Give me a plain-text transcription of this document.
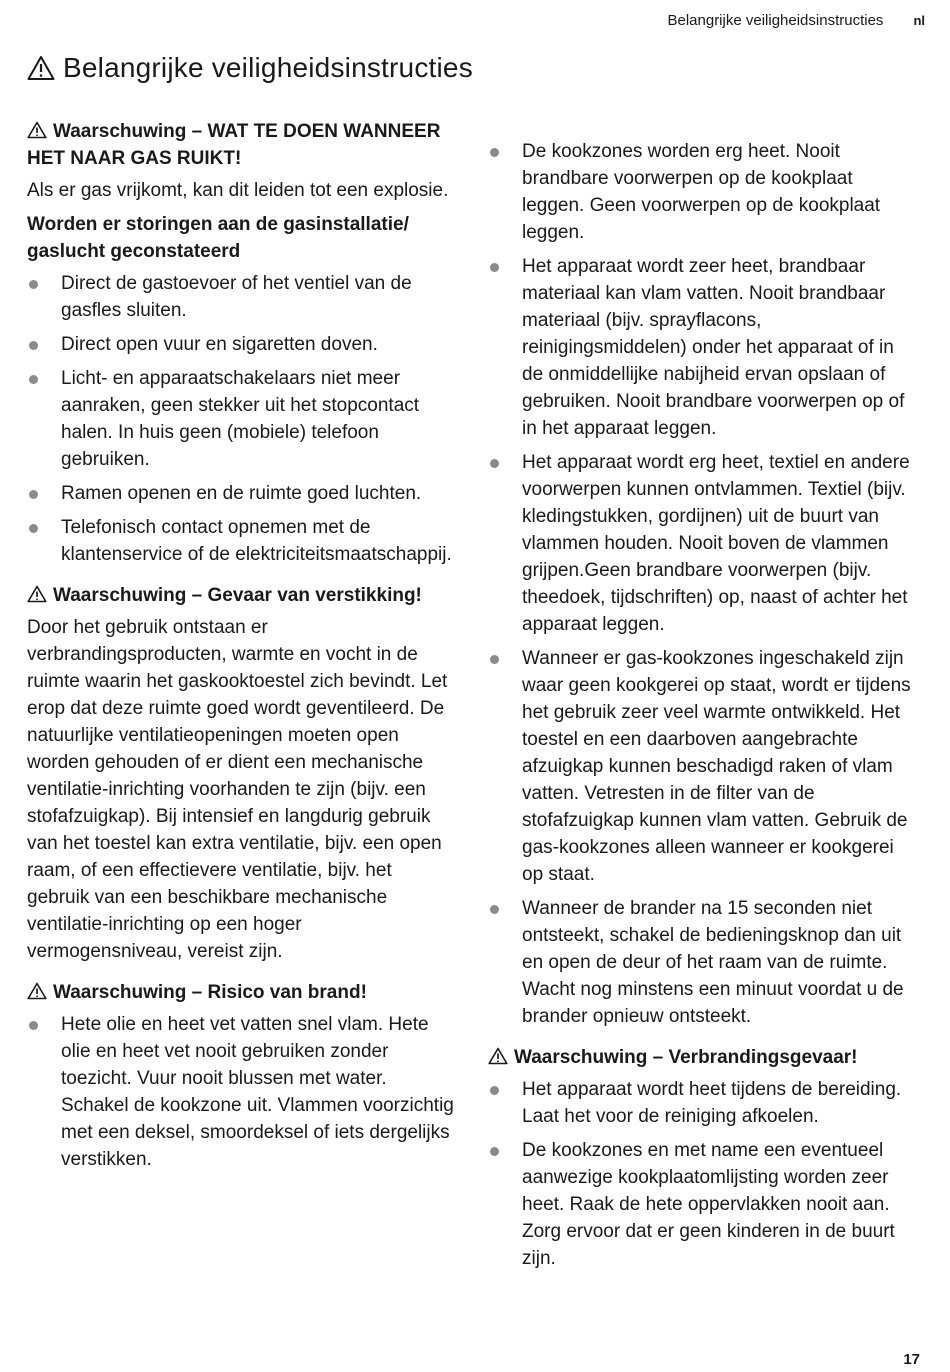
Belangrijke veiligheidsinstructies nl
Belangrijke veiligheidsinstructies
Waarschuwing – WAT TE DOEN WANNEER HET NAAR GAS RUIKT!

Als er gas vrijkomt, kan dit leiden tot een explosie.

Worden er storingen aan de gasinstallatie/ gaslucht geconstateerd

Direct de gastoevoer of het ventiel van de gasfles sluiten.
Direct open vuur en sigaretten doven.
Licht- en apparaatschakelaars niet meer aanraken, geen stekker uit het stopcontact halen. In huis geen (mobiele) telefoon gebruiken.
Ramen openen en de ruimte goed luchten.
Telefonisch contact opnemen met de klantenservice of de elektriciteitsmaatschappij.
Waarschuwing – Gevaar van verstikking!

Door het gebruik ontstaan er verbrandingsproducten, warmte en vocht in de ruimte waarin het gaskooktoestel zich bevindt. Let erop dat deze ruimte goed wordt geventileerd. De natuurlijke ventilatieopeningen moeten open worden gehouden of er dient een mechanische ventilatie-inrichting voorhanden te zijn (bijv. een stofafzuigkap). Bij intensief en langdurig gebruik van het toestel kan extra ventilatie, bijv. een open raam, of een effectievere ventilatie, bijv. het gebruik van een beschikbare mechanische ventilatie-inrichting op een hoger vermogensniveau, vereist zijn.

Waarschuwing – Risico van brand!
Hete olie en heet vet vatten snel vlam. Hete olie en heet vet nooit gebruiken zonder toezicht. Vuur nooit blussen met water. Schakel de kookzone uit. Vlammen voorzichtig met een deksel, smoordeksel of iets dergelijks verstikken.
De kookzones worden erg heet. Nooit brandbare voorwerpen op de kookplaat leggen. Geen voorwerpen op de kookplaat leggen.
Het apparaat wordt zeer heet, brandbaar materiaal kan vlam vatten. Nooit brandbaar materiaal (bijv. sprayflacons, reinigingsmiddelen) onder het apparaat of in de onmiddellijke nabijheid ervan opslaan of gebruiken. Nooit brandbare voorwerpen op of in het apparaat leggen.
Het apparaat wordt erg heet, textiel en andere voorwerpen kunnen ontvlammen. Textiel (bijv. kledingstukken, gordijnen) uit de buurt van vlammen houden. Nooit boven de vlammen grijpen.Geen brandbare voorwerpen (bijv. theedoek, tijdschriften) op, naast of achter het apparaat leggen.
Wanneer er gas-kookzones ingeschakeld zijn waar geen kookgerei op staat, wordt er tijdens het gebruik zeer veel warmte ontwikkeld. Het toestel en een daarboven aangebrachte afzuigkap kunnen beschadigd raken of vlam vatten. Vetresten in de filter van de stofafzuigkap kunnen vlam vatten. Gebruik de gas-kookzones alleen wanneer er kookgerei op staat.
Wanneer de brander na 15 seconden niet ontsteekt, schakel de bedieningsknop dan uit en open de deur of het raam van de ruimte. Wacht nog minstens een minuut voordat u de brander opnieuw ontsteekt.
Waarschuwing – Verbrandingsgevaar!
Het apparaat wordt heet tijdens de bereiding. Laat het voor de reiniging afkoelen.
De kookzones en met name een eventueel aanwezige kookplaatomlijsting worden zeer heet. Raak de hete oppervlakken nooit aan. Zorg ervoor dat er geen kinderen in de buurt zijn.
17
